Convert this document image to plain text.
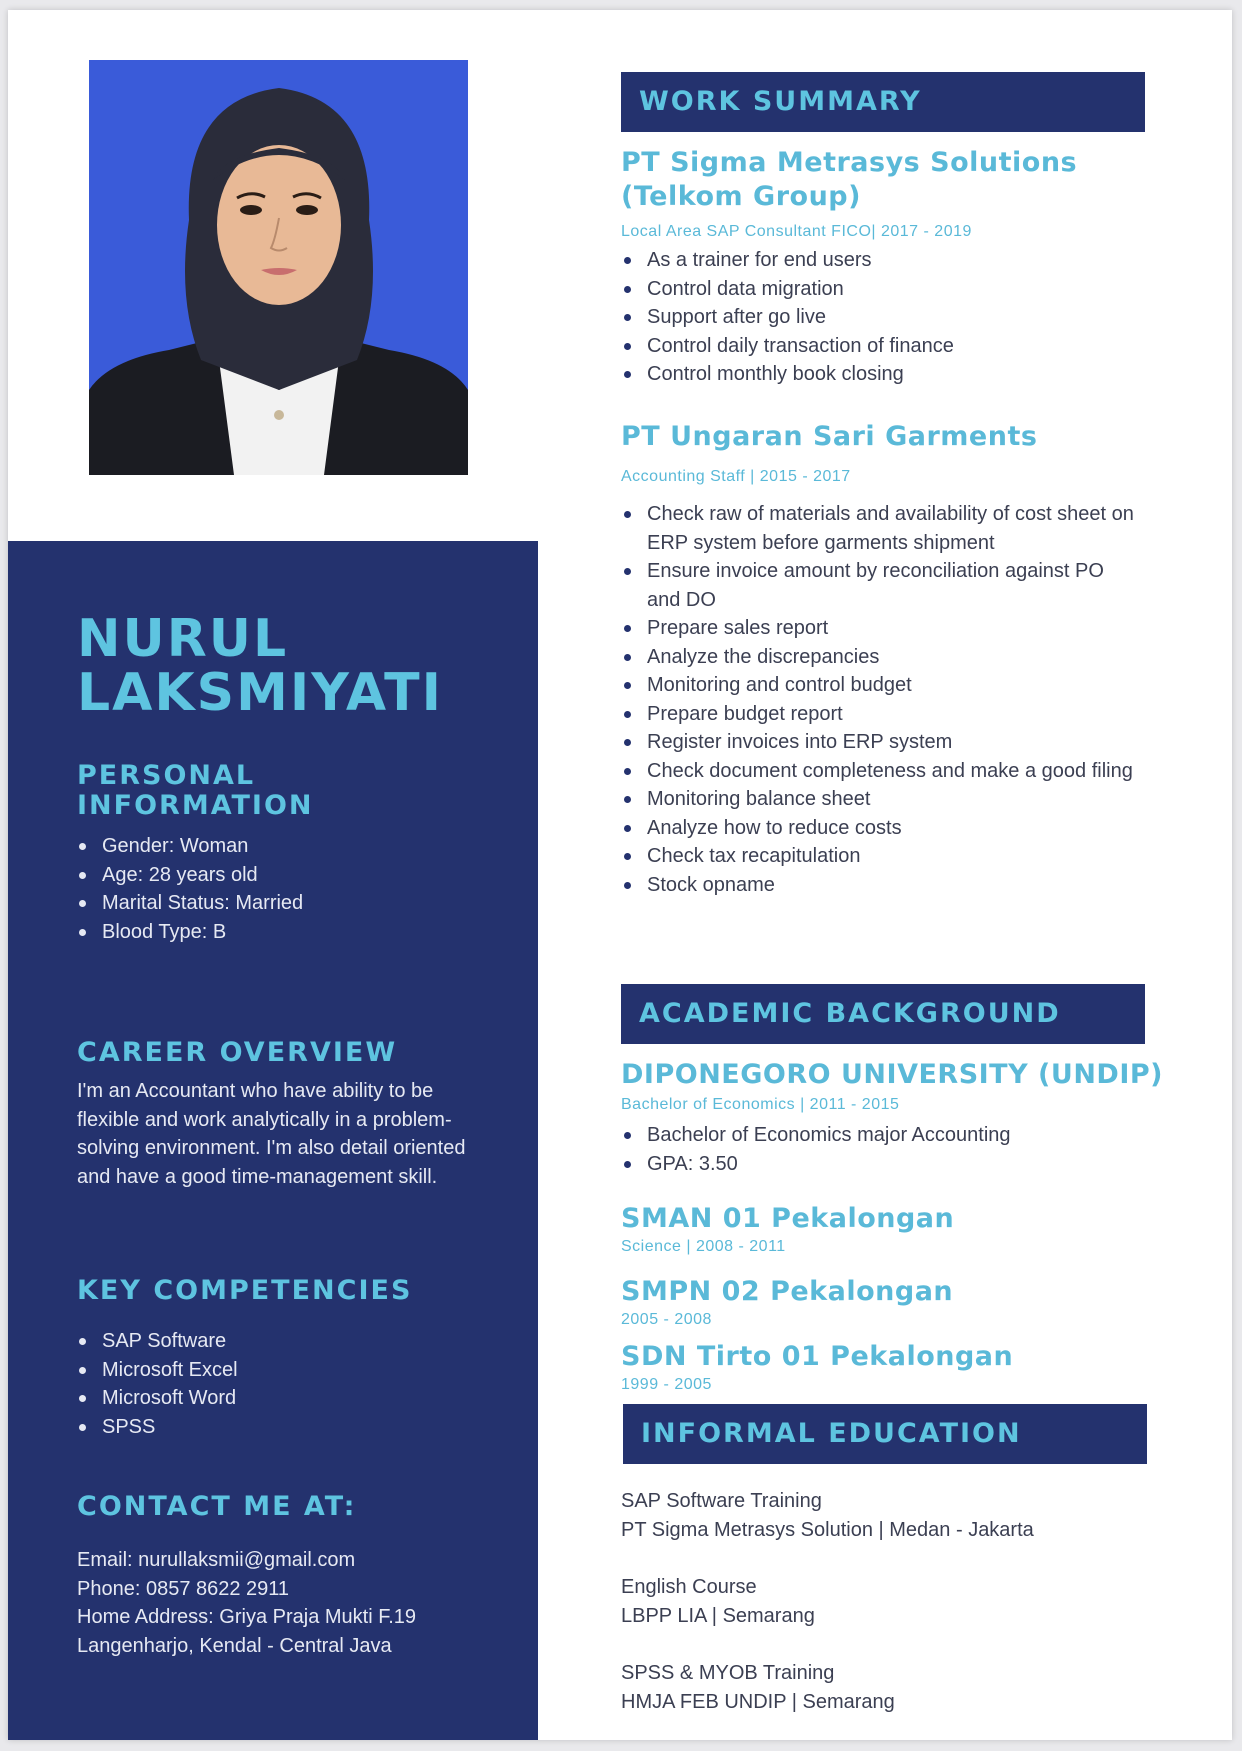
NURUL
LAKSMIYATI
PERSONAL
INFORMATION
Gender: Woman
Age: 28 years old
Marital Status: Married
Blood Type: B
CAREER OVERVIEW

I'm an Accountant who have ability to be flexible and work analytically in a problem-solving environment. I'm also detail oriented and have a good time-management skill.

KEY COMPETENCIES
SAP Software
Microsoft Excel
Microsoft Word
SPSS
CONTACT ME AT:
Email: nurullaksmii@gmail.com
Phone: 0857 8622 2911
Home Address: Griya Praja Mukti F.19
Langenharjo, Kendal - Central Java
WORK SUMMARY
PT Sigma Metrasys Solutions
(Telkom Group)

Local Area SAP Consultant FICO| 2017 - 2019

As a trainer for end users
Control data migration
Support after go live
Control daily transaction of finance
Control monthly book closing
PT Ungaran Sari Garments

Accounting Staff | 2015 - 2017

Check raw of materials and availability of cost sheet on ERP system before garments shipment
Ensure invoice amount by reconciliation against PO and DO
Prepare sales report
Analyze the discrepancies
Monitoring and control budget
Prepare budget report
Register invoices into ERP system
Check document completeness and make a good filing
Monitoring balance sheet
Analyze how to reduce costs
Check tax recapitulation
Stock opname
ACADEMIC BACKGROUND
DIPONEGORO UNIVERSITY (UNDIP)

Bachelor of Economics | 2011 - 2015

Bachelor of Economics major Accounting
GPA: 3.50
SMAN 01 Pekalongan

Science | 2008 - 2011

SMPN 02 Pekalongan

2005 - 2008

SDN Tirto 01 Pekalongan

1999 - 2005

INFORMAL EDUCATION

SAP Software Training

PT Sigma Metrasys Solution | Medan - Jakarta

English Course

LBPP LIA | Semarang

SPSS & MYOB Training

HMJA FEB UNDIP | Semarang
